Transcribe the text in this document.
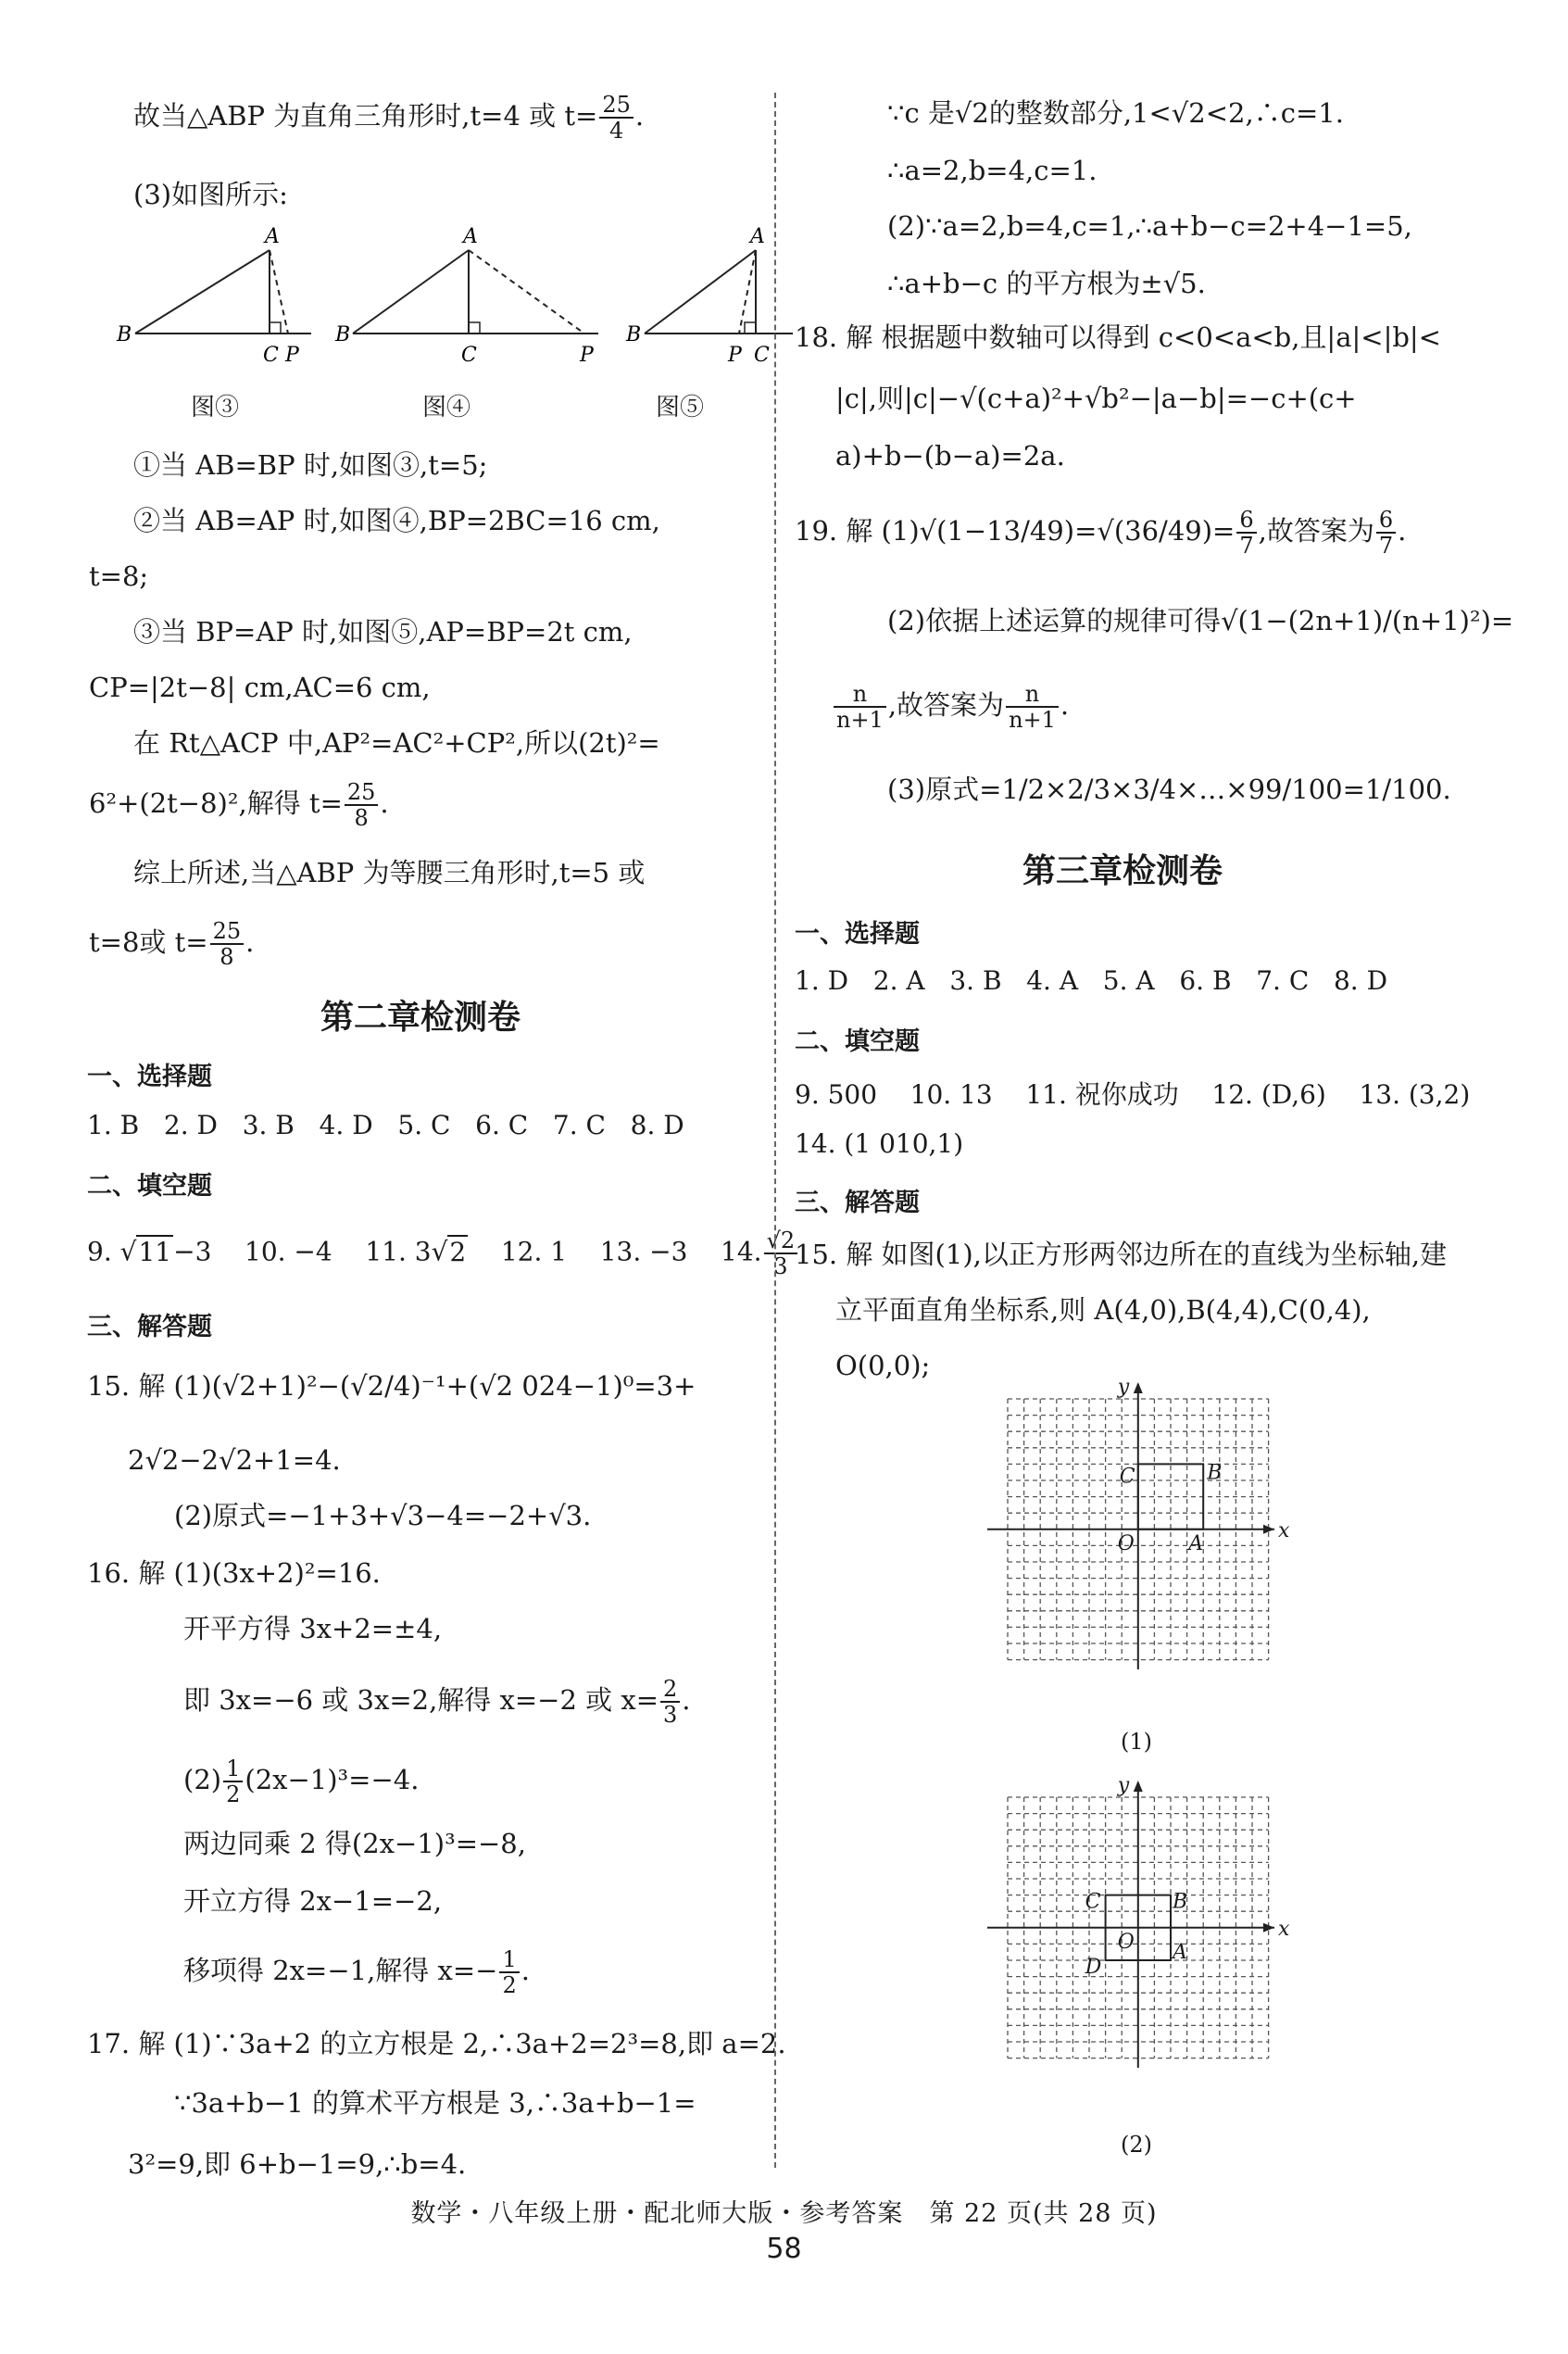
故当△ABP 为直角三角形时,t=4 或 $t= \frac{25}{4}$ .
(3)如图所示:
A
B
C P
A
B
C	P
A
B
P C
图③	图④	图⑤
①当 AB=BP 时,如图③,t=5;
②当 AB=AP 时,如图④,BP=2BC=16 cm,
t=8;
③当 BP=AP 时,如图⑤,AP=BP=2t cm,
CP=|2t−8| cm,AC=6 cm,
在 Rt△ACP 中,AP²=AC²+CP²,所以(2t)²=
6²+(2t−8)²,解得 $t= \frac{25}{8}$ .
综上所述,当△ABP 为等腰三角形时,t=5 或
t=8或 $t= \frac{25}{8}$ .
第二章检测卷
一、选择题
1. B 2. D 3. B 4. D 5. C 6. C 7. C 8. D
二、填空题
9. √11−3 10. −4 11. 3√2 12. 1 13. −3 14. $\frac{√2}{3}$
三、解答题
15. 解 (1)(√2+1)²−(√2/4)⁻¹+(√2 024−1)⁰=3+
2√2−2√2+1=4.
(2)原式=−1+3+√3−4=−2+√3.
16. 解 (1)(3x+2)²=16.
开平方得 3x+2=±4,
即 3x=−6 或 3x=2,解得 x=−2 或 $x= \frac{2}{3}$ .
$(2) \frac{1}{2} (2x-1)^3=-4$.
两边同乘 2 得(2x−1)³=−8,
开立方得 2x−1=−2,
移项得 2x=−1,解得 $x=- \frac{1}{2}$ .
17. 解 (1)∵3a+2 的立方根是 2,∴3a+2=2³=8,即 a=2.
∵3a+b−1 的算术平方根是 3,∴3a+b−1=
3²=9,即 6+b−1=9,∴b=4.
∵c 是√2的整数部分,1<√2<2,∴c=1.
∴a=2,b=4,c=1.
(2)∵a=2,b=4,c=1,∴a+b−c=2+4−1=5,
∴a+b−c 的平方根为±√5.
18. 解 根据题中数轴可以得到 c<0<a<b,且|a|<|b|<
|c|,则|c|−√(c+a)²+√b²−|a−b|=−c+(c+
a)+b−(b−a)=2a.
19. 解 $(1)√(1-13/49)=√(36/49)= \frac{6}{7}$ ,故答案为 $\frac{6}{7}$ .
(2)依据上述运算的规律可得√(1−(2n+1)/(n+1)²)=
$\frac{n}{n+1}$ ,故答案为 $\frac{n}{n+1}$ .
(3)原式=1/2×2/3×3/4×…×99/100=1/100.
第三章检测卷
一、选择题
1. D 2. A 3. B 4. A 5. A 6. B 7. C 8. D
二、填空题
9. 500 10. 13 11. 祝你成功 12. (D,6) 13. (3,2)
14. (1 010,1)
三、解答题
15. 解 如图(1),以正方形两邻边所在的直线为坐标轴,建
立平面直角坐标系,则 A(4,0),B(4,4),C(0,4),
O(0,0);
x
y
O	A
B
C
(1)
x
y
O A
B
C
D
(2)
数学・八年级上册・配北师大版・参考答案　第 22 页(共 28 页)
58
